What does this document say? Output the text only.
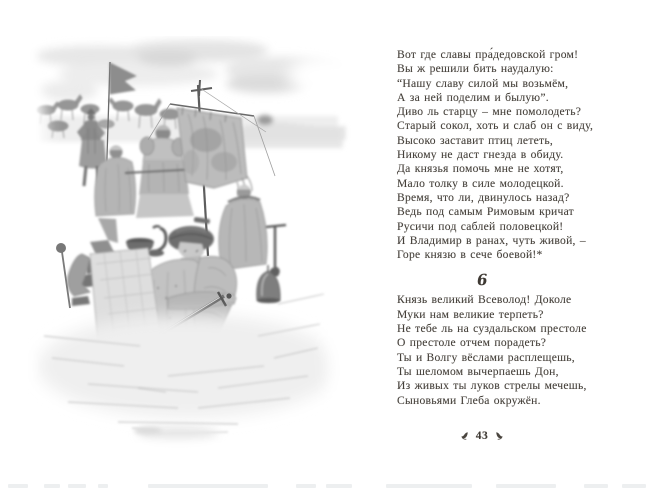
Вот где славы пра́дедовской гром!
Вы ж решили бить наудалую:
“Нашу славу силой мы возьмём,
А за ней поделим и былую”.
Диво ль старцу – мне помолодеть?
Старый сокол, хоть и слаб он с виду,
Высоко заставит птиц лететь,
Никому не даст гнезда в обиду.
Да князья помочь мне не хотят,
Мало толку в силе молодецкой.
Время, что ли, двинулось назад?
Ведь под самым Римовым кричат
Русичи под саблей половецкой!
И Владимир в ранах, чуть живой, –
Горе князю в сече боевой!*
6
Князь великий Всеволод! Доколе
Муки нам великие терпеть?
Не тебе ль на суздальском престоле
О престоле отчем порадеть?
Ты и Волгу вёслами расплещешь,
Ты шеломом вычерпаешь Дон,
Из живых ты луков стрелы мечешь,
Сыновьями Глеба окружён.
43
